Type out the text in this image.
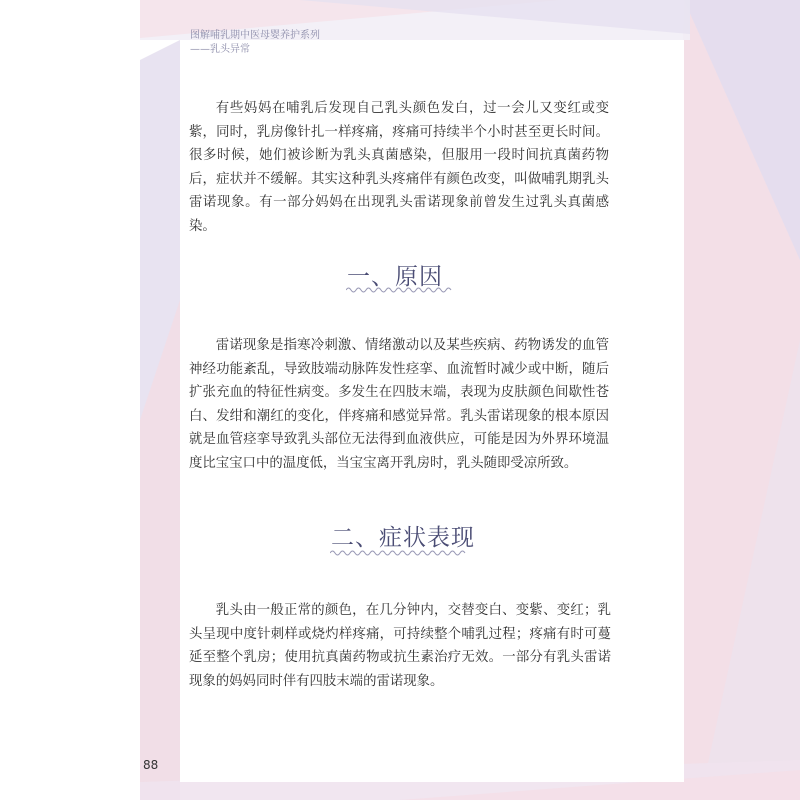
图解哺乳期中医母婴养护系列
——乳头异常

有些妈妈在哺乳后发现自己乳头颜色发白，过一会儿又变红或变紫，同时，乳房像针扎一样疼痛，疼痛可持续半个小时甚至更长时间。很多时候，她们被诊断为乳头真菌感染，但服用一段时间抗真菌药物后，症状并不缓解。其实这种乳头疼痛伴有颜色改变，叫做哺乳期乳头雷诺现象。有一部分妈妈在出现乳头雷诺现象前曾发生过乳头真菌感染。

一、原因

雷诺现象是指寒冷刺激、情绪激动以及某些疾病、药物诱发的血管神经功能紊乱，导致肢端动脉阵发性痉挛、血流暂时减少或中断，随后扩张充血的特征性病变。多发生在四肢末端，表现为皮肤颜色间歇性苍白、发绀和潮红的变化，伴疼痛和感觉异常。乳头雷诺现象的根本原因就是血管痉挛导致乳头部位无法得到血液供应，可能是因为外界环境温度比宝宝口中的温度低，当宝宝离开乳房时，乳头随即受凉所致。

二、症状表现

乳头由一般正常的颜色，在几分钟内，交替变白、变紫、变红；乳头呈现中度针刺样或烧灼样疼痛，可持续整个哺乳过程；疼痛有时可蔓延至整个乳房；使用抗真菌药物或抗生素治疗无效。一部分有乳头雷诺现象的妈妈同时伴有四肢末端的雷诺现象。

88
